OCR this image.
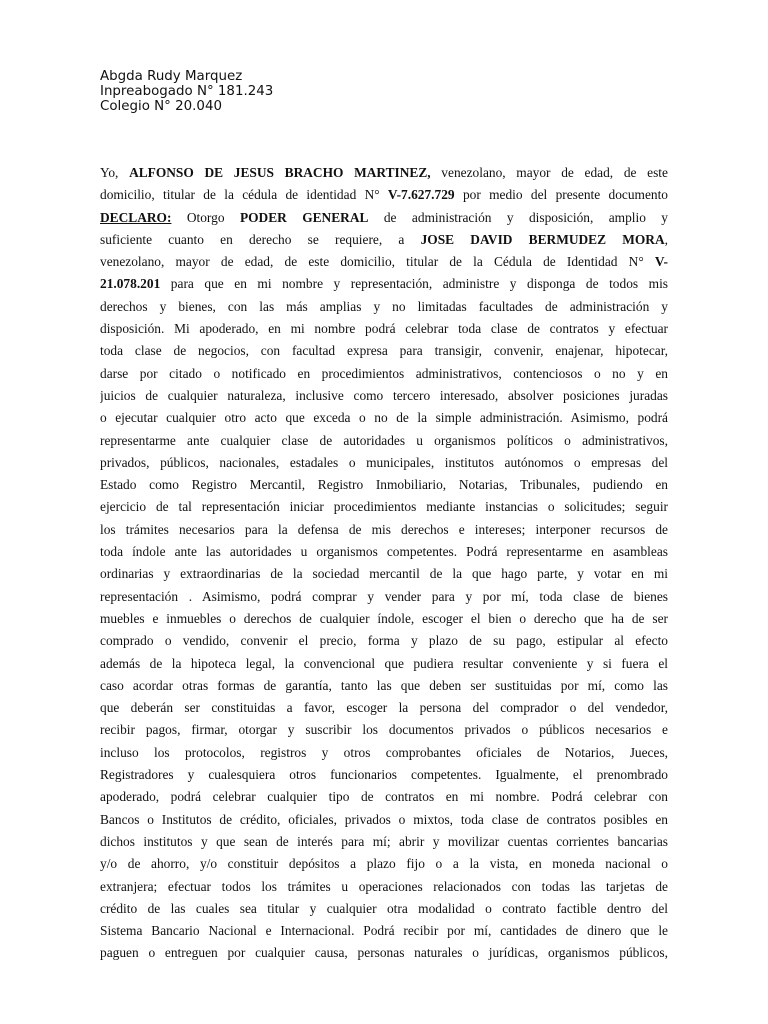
Abgda Rudy Marquez
Inpreabogado N° 181.243
Colegio N° 20.040
Yo, ALFONSO DE JESUS BRACHO MARTINEZ, venezolano, mayor de edad, de este
domicilio, titular de la cédula de identidad N° V-7.627.729 por medio del presente documento
DECLARO: Otorgo PODER GENERAL de administración y disposición, amplio y
suficiente cuanto en derecho se requiere, a JOSE DAVID BERMUDEZ MORA,
venezolano, mayor de edad, de este domicilio, titular de la Cédula de Identidad N° V-
21.078.201 para que en mi nombre y representación, administre y disponga de todos mis
derechos y bienes, con las más amplias y no limitadas facultades de administración y
disposición. Mi apoderado, en mi nombre podrá celebrar toda clase de contratos y efectuar
toda clase de negocios, con facultad expresa para transigir, convenir, enajenar, hipotecar,
darse por citado o notificado en procedimientos administrativos, contenciosos o no y en
juicios de cualquier naturaleza, inclusive como tercero interesado, absolver posiciones juradas
o ejecutar cualquier otro acto que exceda o no de la simple administración. Asimismo, podrá
representarme ante cualquier clase de autoridades u organismos políticos o administrativos,
privados, públicos, nacionales, estadales o municipales, institutos autónomos o empresas del
Estado como Registro Mercantil, Registro Inmobiliario, Notarias, Tribunales, pudiendo en
ejercicio de tal representación iniciar procedimientos mediante instancias o solicitudes; seguir
los trámites necesarios para la defensa de mis derechos e intereses; interponer recursos de
toda índole ante las autoridades u organismos competentes. Podrá representarme en asambleas
ordinarias y extraordinarias de la sociedad mercantil de la que hago parte, y votar en mi
representación . Asimismo, podrá comprar y vender para y por mí, toda clase de bienes
muebles e inmuebles o derechos de cualquier índole, escoger el bien o derecho que ha de ser
comprado o vendido, convenir el precio, forma y plazo de su pago, estipular al efecto
además de la hipoteca legal, la convencional que pudiera resultar conveniente y si fuera el
caso acordar otras formas de garantía, tanto las que deben ser sustituidas por mí, como las
que deberán ser constituidas a favor, escoger la persona del comprador o del vendedor,
recibir pagos, firmar, otorgar y suscribir los documentos privados o públicos necesarios e
incluso los protocolos, registros y otros comprobantes oficiales de Notarios, Jueces,
Registradores y cualesquiera otros funcionarios competentes. Igualmente, el prenombrado
apoderado, podrá celebrar cualquier tipo de contratos en mi nombre. Podrá celebrar con
Bancos o Institutos de crédito, oficiales, privados o mixtos, toda clase de contratos posibles en
dichos institutos y que sean de interés para mí; abrir y movilizar cuentas corrientes bancarias
y/o de ahorro, y/o constituir depósitos a plazo fijo o a la vista, en moneda nacional o
extranjera; efectuar todos los trámites u operaciones relacionados con todas las tarjetas de
crédito de las cuales sea titular y cualquier otra modalidad o contrato factible dentro del
Sistema Bancario Nacional e Internacional. Podrá recibir por mí, cantidades de dinero que le
paguen o entreguen por cualquier causa, personas naturales o jurídicas, organismos públicos,
